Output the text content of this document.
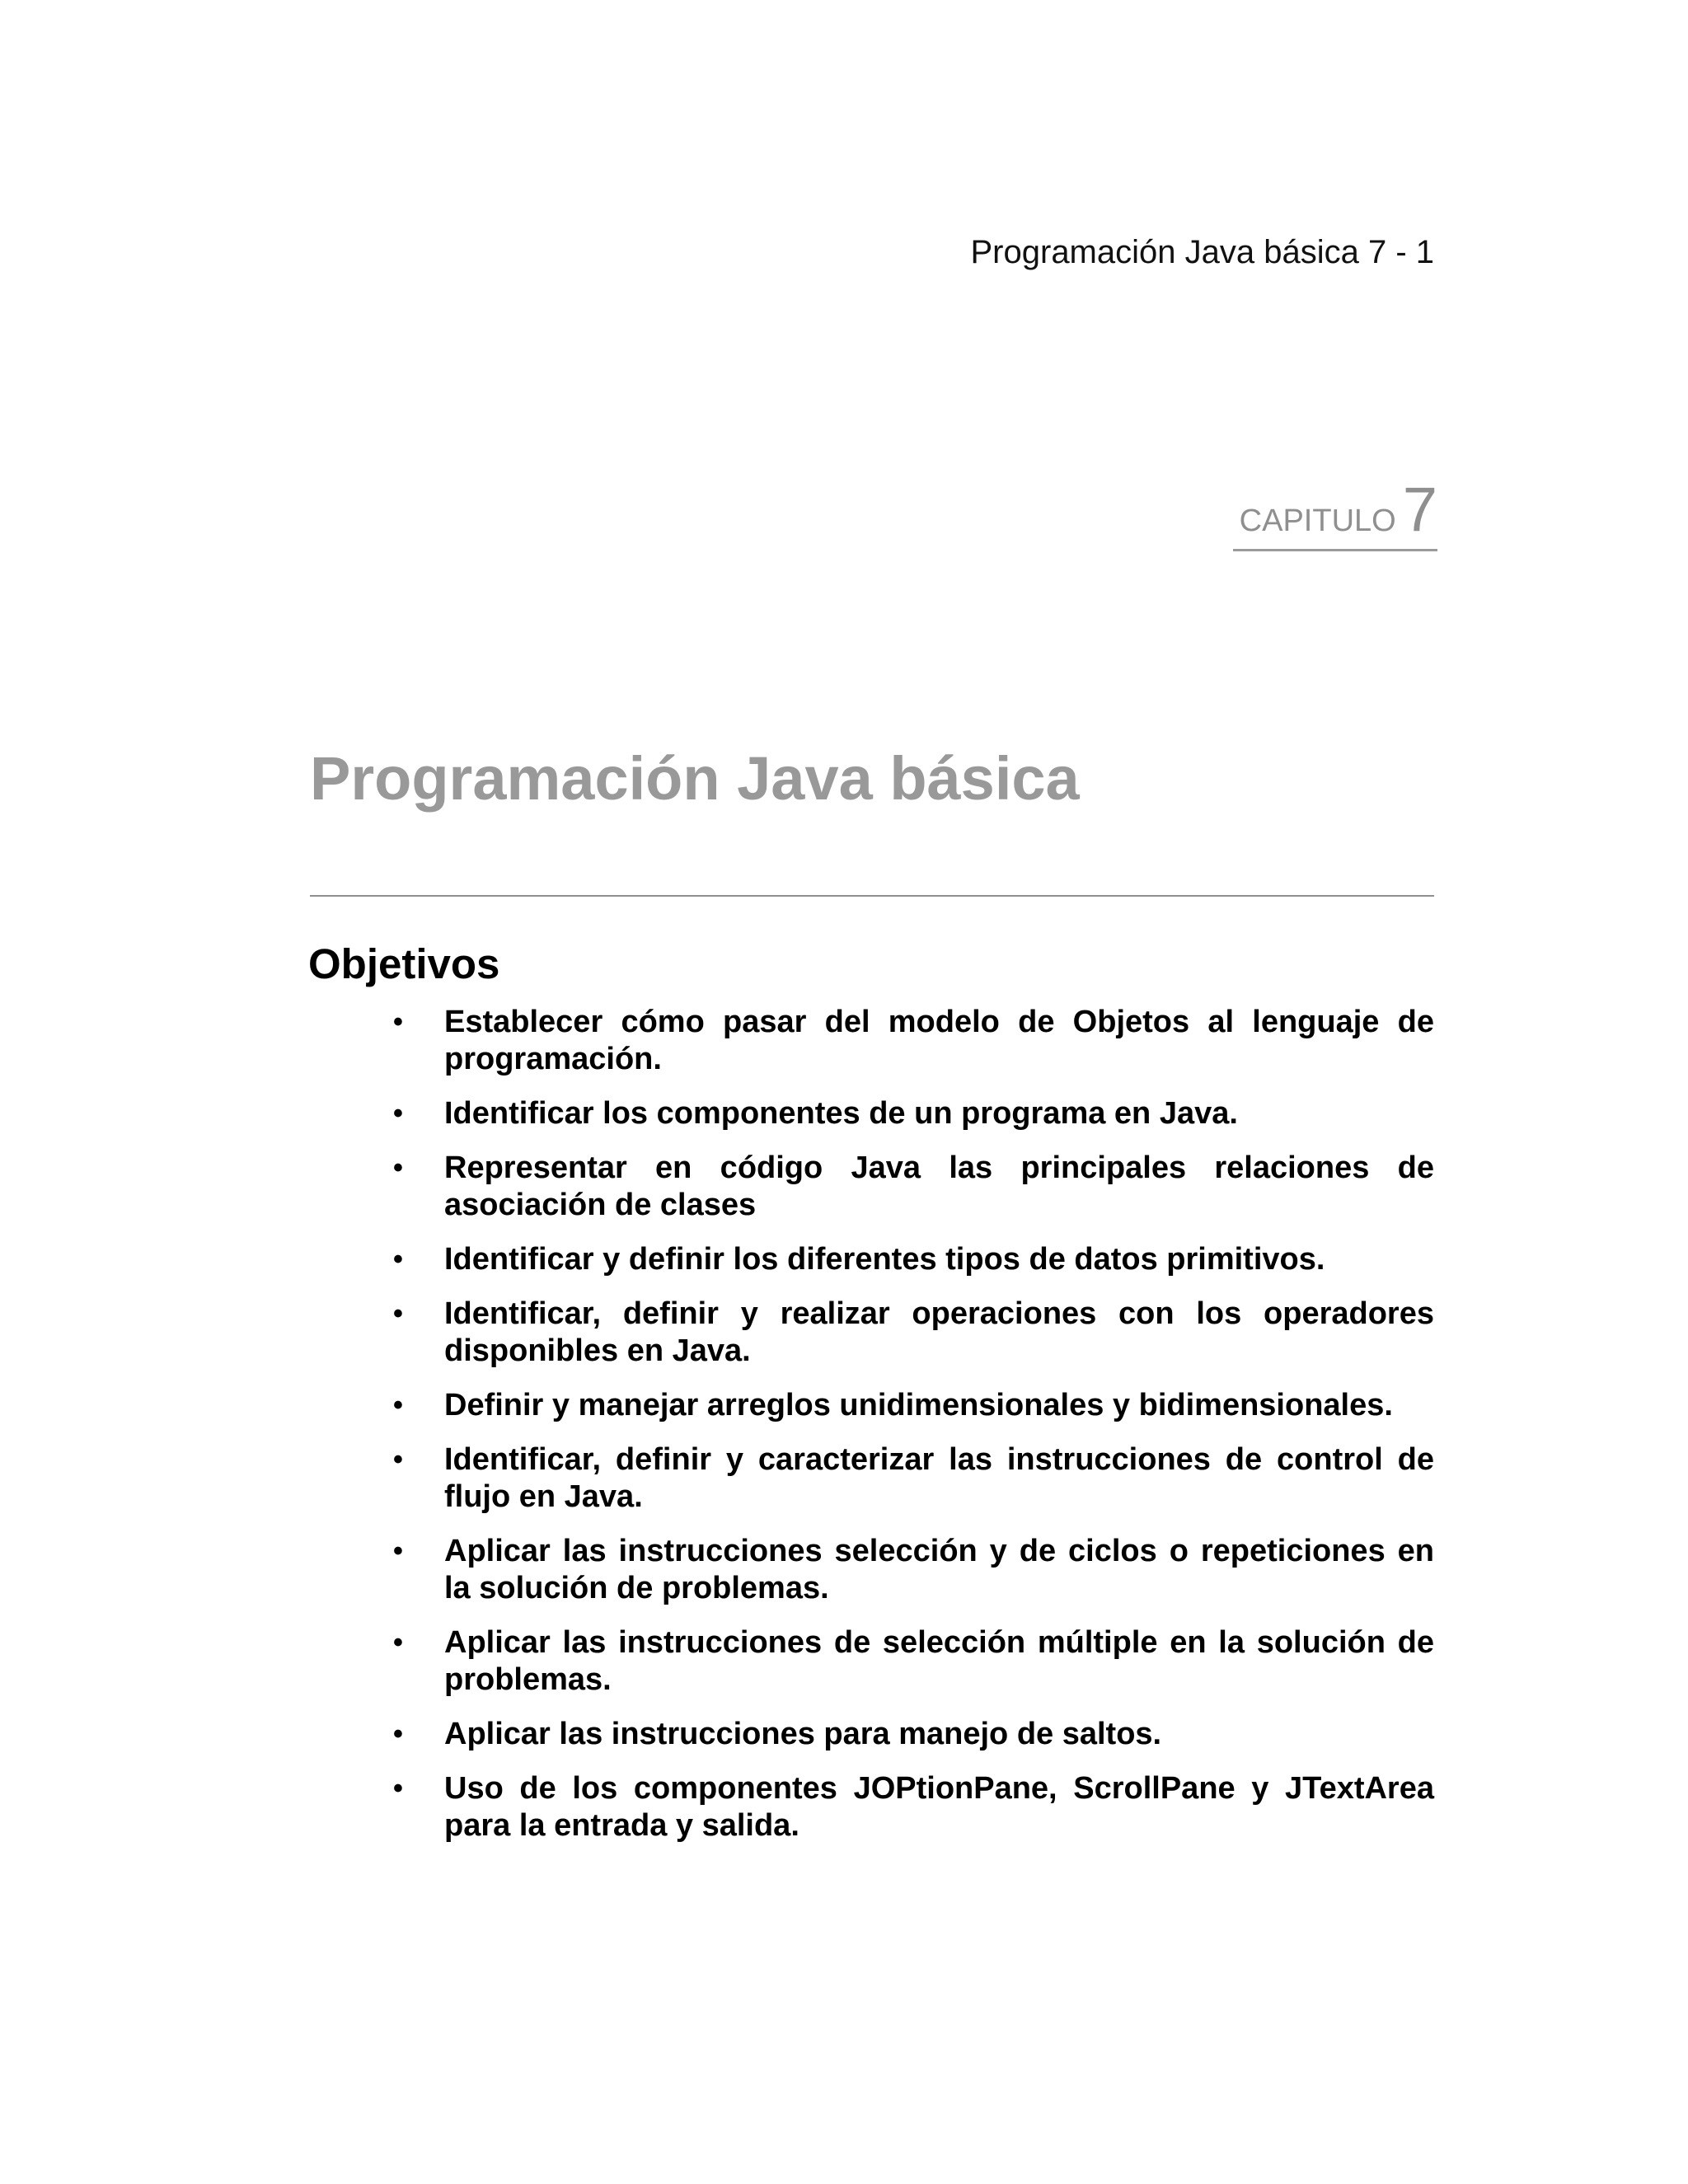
Programación Java básica 7 - 1
CAPITULO 7
Programación Java básica
Objetivos
• Establecer cómo pasar del modelo de Objetos al lenguaje de programación.
• Identificar los componentes de un programa en Java.
• Representar en código Java las principales relaciones de asociación de clases
• Identificar y definir los diferentes tipos de datos primitivos.
• Identificar, definir y realizar operaciones con los operadores disponibles en Java.
• Definir y manejar arreglos unidimensionales y bidimensionales.
• Identificar, definir y caracterizar las instrucciones de control de flujo en Java.
• Aplicar las instrucciones selección y de ciclos o repeticiones en la solución de problemas.
• Aplicar las instrucciones de selección múltiple en la solución de problemas.
• Aplicar las instrucciones para manejo de saltos.
• Uso de los componentes JOPtionPane, ScrollPane y JTextArea para la entrada y salida.
